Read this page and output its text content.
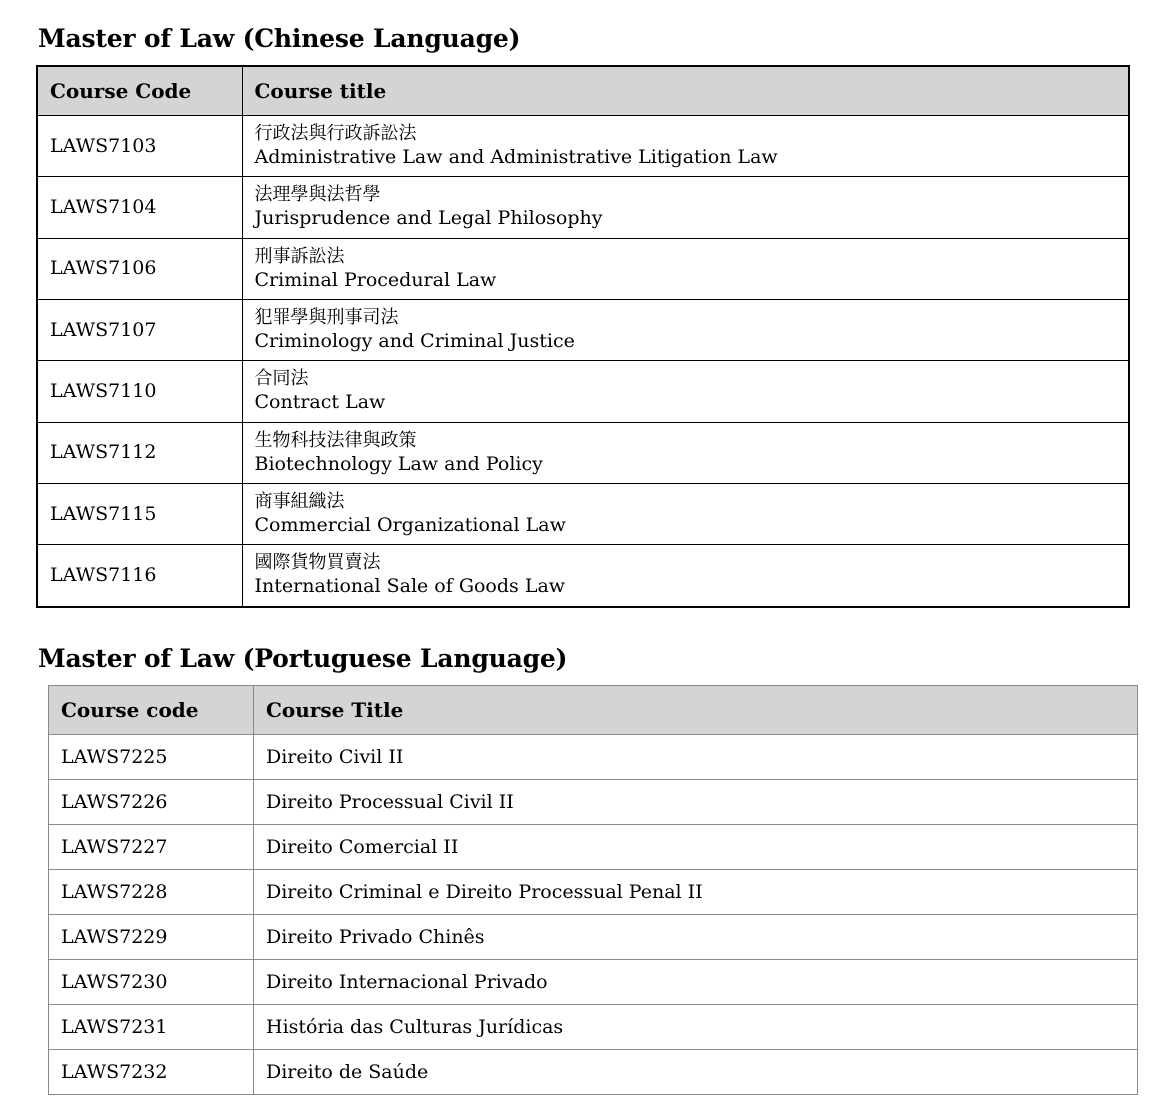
Master of Law (Chinese Language)
Course Code	Course title
LAWS7103	行政法與行政訴訟法
Administrative Law and Administrative Litigation Law

LAWS7104	法理學與法哲學
Jurisprudence and Legal Philosophy

LAWS7106	刑事訴訟法
Criminal Procedural Law

LAWS7107	犯罪學與刑事司法
Criminology and Criminal Justice

LAWS7110	合同法
Contract Law

LAWS7112	生物科技法律與政策
Biotechnology Law and Policy

LAWS7115	商事組織法
Commercial Organizational Law

LAWS7116	國際貨物買賣法
International Sale of Goods Law
Master of Law (Portuguese Language)
Course code	Course Title
LAWS7225	Direito Civil II
LAWS7226	Direito Processual Civil II
LAWS7227	Direito Comercial II
LAWS7228	Direito Criminal e Direito Processual Penal II
LAWS7229	Direito Privado Chinês
LAWS7230	Direito Internacional Privado
LAWS7231	História das Culturas Jurídicas
LAWS7232	Direito de Saúde
